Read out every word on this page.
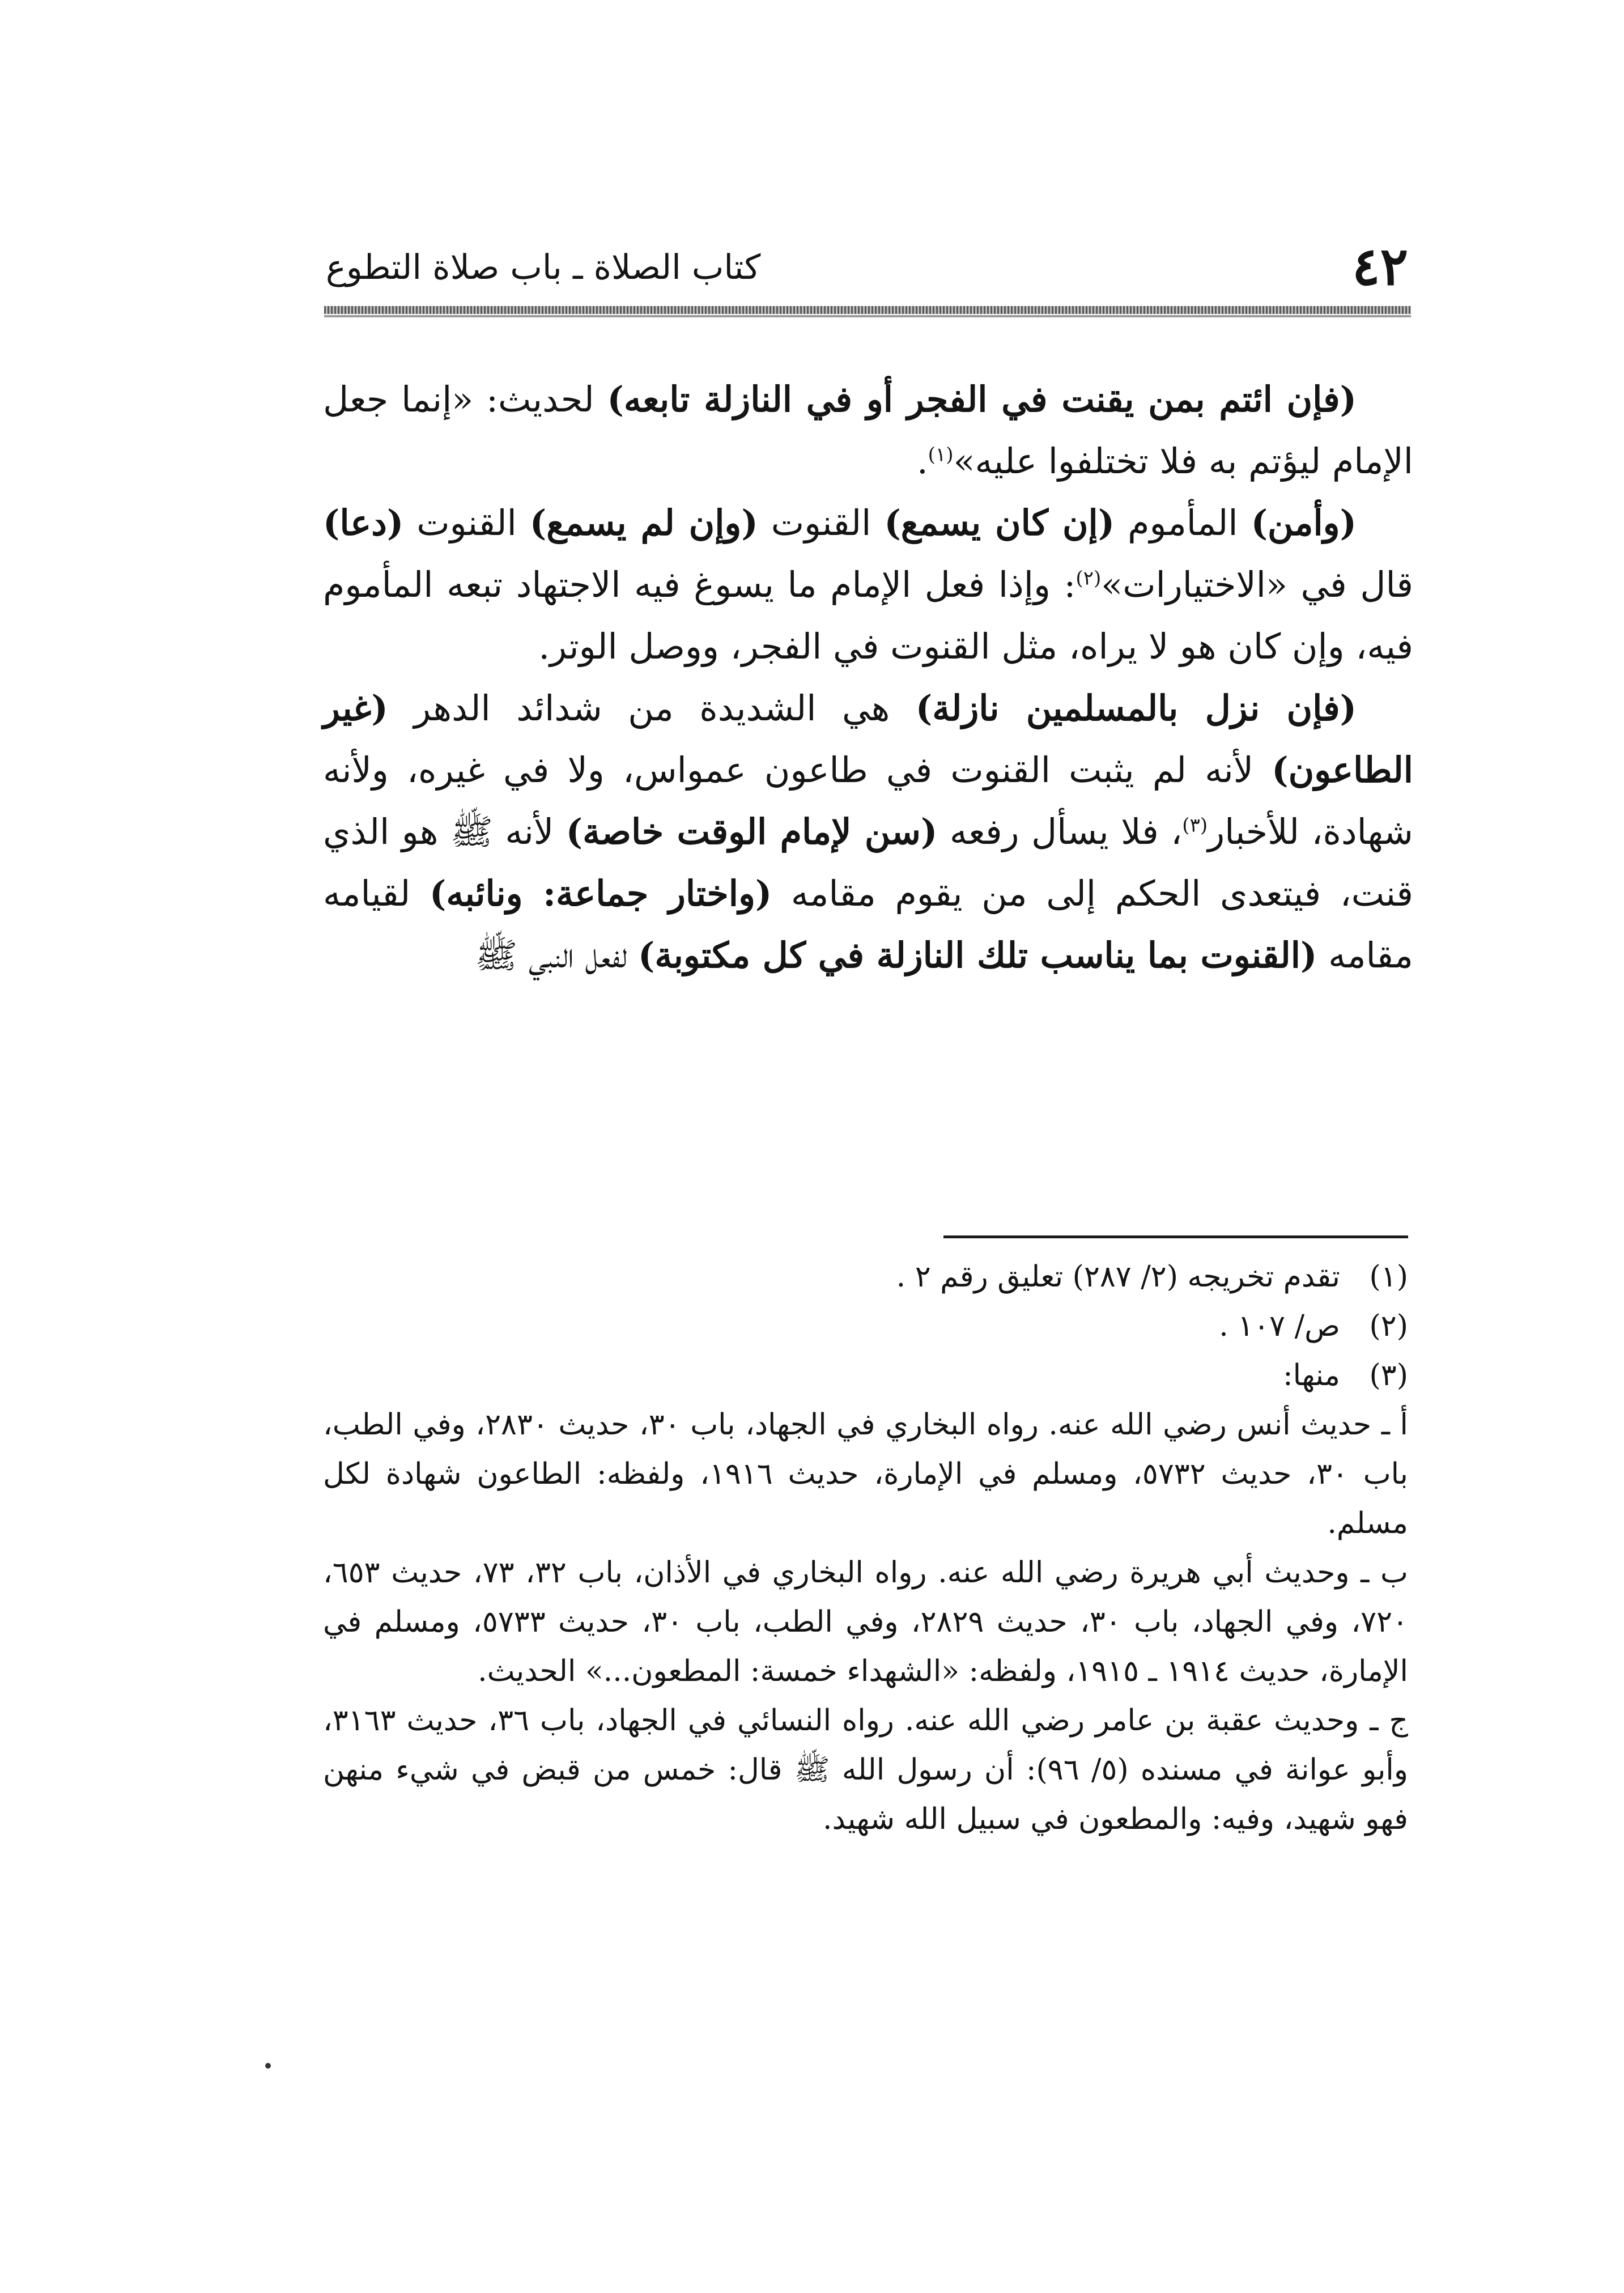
٤٢
كتاب الصلاة ـ باب صلاة التطوع

(فإن ائتم بمن يقنت في الفجر أو في النازلة تابعه) لحديث: «إنما جعل الإمام ليؤتم به فلا تختلفوا عليه»$^{(١)}$.

(وأمن) المأموم (إن كان يسمع) القنوت (وإن لم يسمع) القنوت (دعا) قال في «الاختيارات»$^{(٢)}$: وإذا فعل الإمام ما يسوغ فيه الاجتهاد تبعه المأموم فيه، وإن كان هو لا يراه، مثل القنوت في الفجر، ووصل الوتر.

(فإن نزل بالمسلمين نازلة) هي الشديدة من شدائد الدهر (غير الطاعون) لأنه لم يثبت القنوت في طاعون عمواس، ولا في غيره، ولأنه شهادة، للأخبار$^{(٣)}$، فلا يسأل رفعه (سن لإمام الوقت خاصة) لأنه ﷺ هو الذي قنت، فيتعدى الحكم إلى من يقوم مقامه (واختار جماعة: ونائبه) لقيامه مقامه (القنوت بما يناسب تلك النازلة في كل مكتوبة) لفعل النبي ﷺ

(١)
تقدم تخريجه (٢/ ٢٨٧) تعليق رقم ٢ .
(٢)
ص/ ١٠٧ .
(٣)
منها:

أ ـ حديث أنس رضي الله عنه. رواه البخاري في الجهاد، باب ٣٠، حديث ٢٨٣٠، وفي الطب، باب ٣٠، حديث ٥٧٣٢، ومسلم في الإمارة، حديث ١٩١٦، ولفظه: الطاعون شهادة لكل مسلم.

ب ـ وحديث أبي هريرة رضي الله عنه. رواه البخاري في الأذان، باب ٣٢، ٧٣، حديث ٦٥٣، ٧٢٠، وفي الجهاد، باب ٣٠، حديث ٢٨٢٩، وفي الطب، باب ٣٠، حديث ٥٧٣٣، ومسلم في الإمارة، حديث ١٩١٤ ـ ١٩١٥، ولفظه: «الشهداء خمسة: المطعون...» الحديث.

ج ـ وحديث عقبة بن عامر رضي الله عنه. رواه النسائي في الجهاد، باب ٣٦، حديث ٣١٦٣، وأبو عوانة في مسنده (٥/ ٩٦): أن رسول الله ﷺ قال: خمس من قبض في شيء منهن فهو شهيد، وفيه: والمطعون في سبيل الله شهيد.
